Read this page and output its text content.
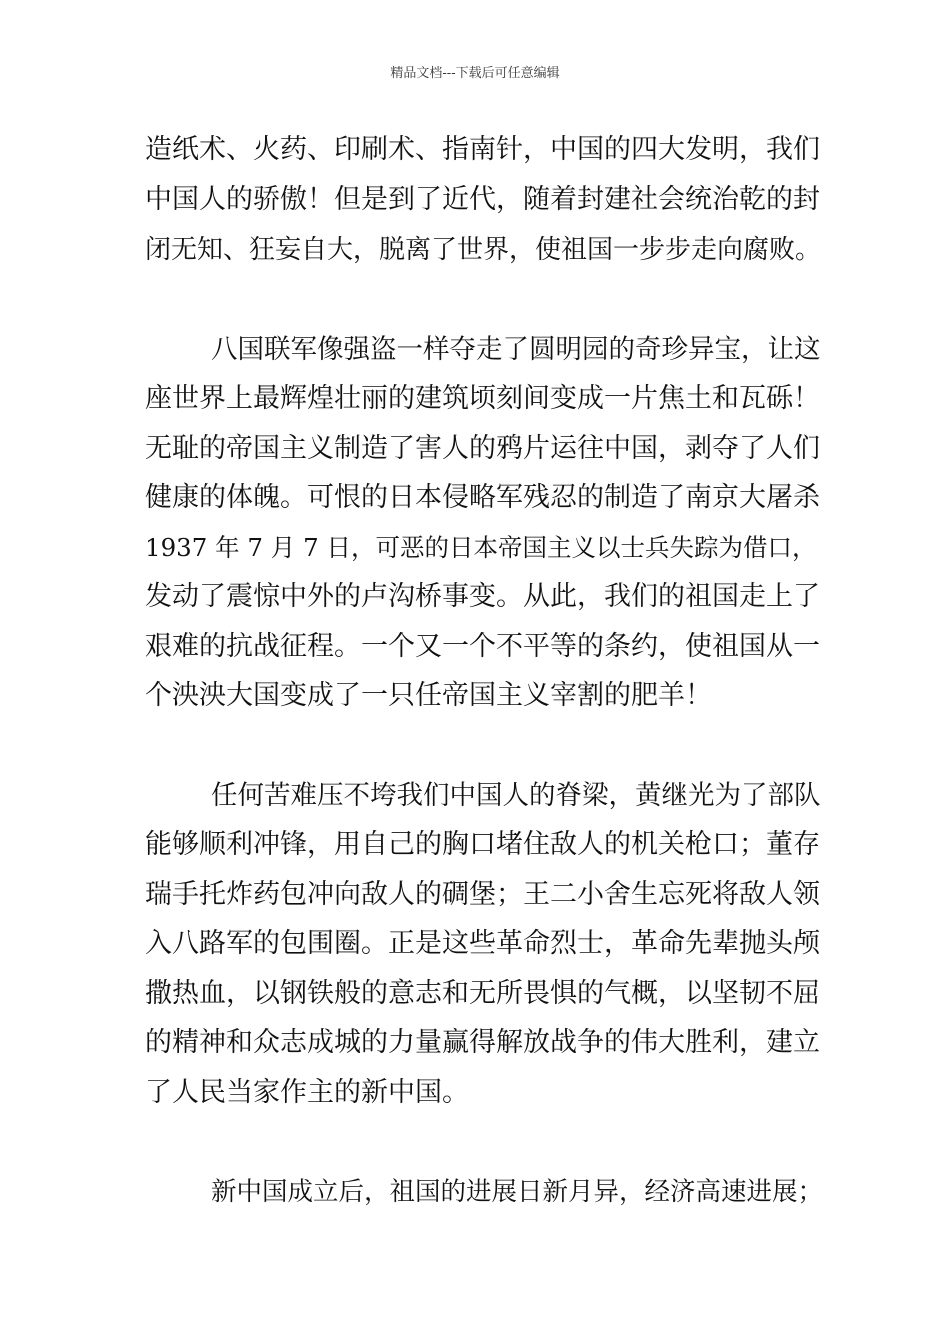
精品文档---下载后可任意编辑
造纸术、火药、印刷术、指南针，中国的四大发明，我们
中国人的骄傲！但是到了近代，随着封建社会统治乾的封
闭无知、狂妄自大，脱离了世界，使祖国一步步走向腐败。
八国联军像强盗一样夺走了圆明园的奇珍异宝，让这
座世界上最辉煌壮丽的建筑顷刻间变成一片焦土和瓦砾！
无耻的帝国主义制造了害人的鸦片运往中国，剥夺了人们
健康的体魄。可恨的日本侵略军残忍的制造了南京大屠杀
1937 年 7 月 7 日，可恶的日本帝国主义以士兵失踪为借口，
发动了震惊中外的卢沟桥事变。从此，我们的祖国走上了
艰难的抗战征程。一个又一个不平等的条约，使祖国从一
个泱泱大国变成了一只任帝国主义宰割的肥羊！
任何苦难压不垮我们中国人的脊梁，黄继光为了部队
能够顺利冲锋，用自己的胸口堵住敌人的机关枪口；董存
瑞手托炸药包冲向敌人的碉堡；王二小舍生忘死将敌人领
入八路军的包围圈。正是这些革命烈士，革命先辈抛头颅
撒热血，以钢铁般的意志和无所畏惧的气概，以坚韧不屈
的精神和众志成城的力量赢得解放战争的伟大胜利，建立
了人民当家作主的新中国。
新中国成立后，祖国的进展日新月异，经济高速进展；
